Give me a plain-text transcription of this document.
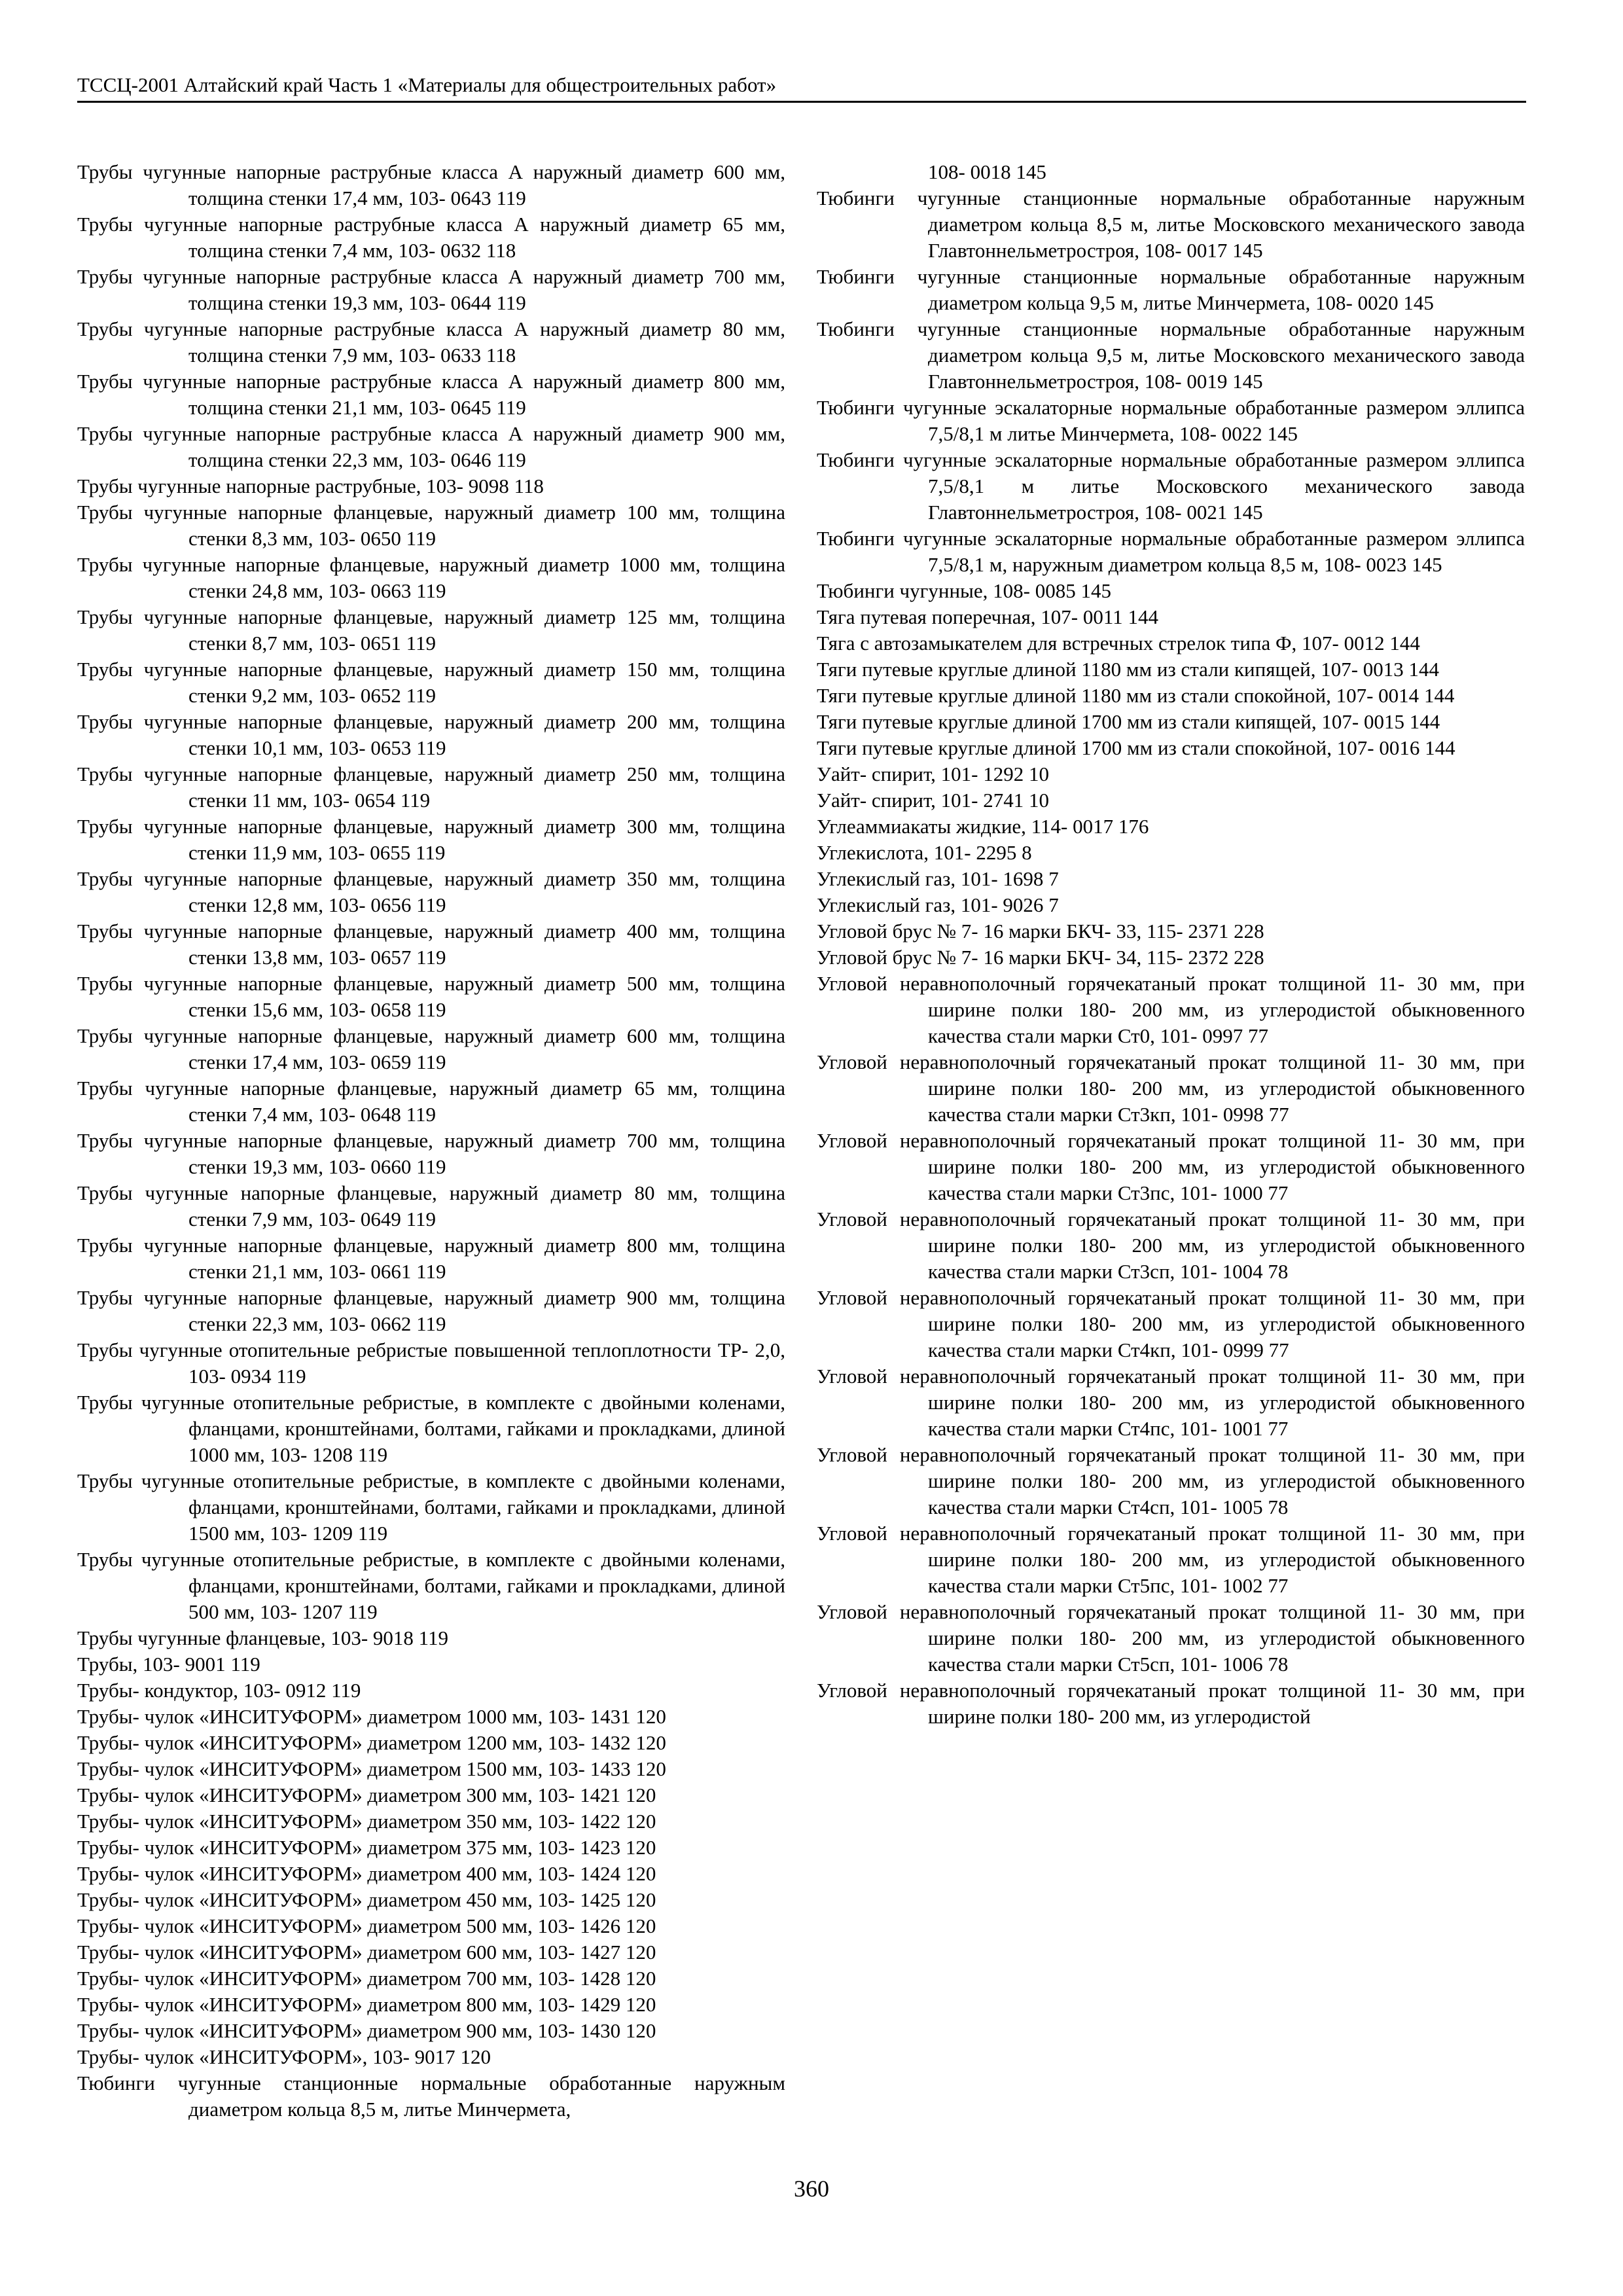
ТССЦ-2001 Алтайский край Часть 1 «Материалы для общестроительных работ»
Трубы чугунные напорные раструбные класса А наружный диаметр 600 мм, толщина стенки 17,4 мм, 103- 0643 119
Трубы чугунные напорные раструбные класса А наружный диаметр 65 мм, толщина стенки 7,4 мм, 103- 0632 118
Трубы чугунные напорные раструбные класса А наружный диаметр 700 мм, толщина стенки 19,3 мм, 103- 0644 119
Трубы чугунные напорные раструбные класса А наружный диаметр 80 мм, толщина стенки 7,9 мм, 103- 0633 118
Трубы чугунные напорные раструбные класса А наружный диаметр 800 мм, толщина стенки 21,1 мм, 103- 0645 119
Трубы чугунные напорные раструбные класса А наружный диаметр 900 мм, толщина стенки 22,3 мм, 103- 0646 119
Трубы чугунные напорные раструбные, 103- 9098 118
Трубы чугунные напорные фланцевые, наружный диаметр 100 мм, толщина стенки 8,3 мм, 103- 0650 119
Трубы чугунные напорные фланцевые, наружный диаметр 1000 мм, толщина стенки 24,8 мм, 103- 0663 119
Трубы чугунные напорные фланцевые, наружный диаметр 125 мм, толщина стенки 8,7 мм, 103- 0651 119
Трубы чугунные напорные фланцевые, наружный диаметр 150 мм, толщина стенки 9,2 мм, 103- 0652 119
Трубы чугунные напорные фланцевые, наружный диаметр 200 мм, толщина стенки 10,1 мм, 103- 0653 119
Трубы чугунные напорные фланцевые, наружный диаметр 250 мм, толщина стенки 11 мм, 103- 0654 119
Трубы чугунные напорные фланцевые, наружный диаметр 300 мм, толщина стенки 11,9 мм, 103- 0655 119
Трубы чугунные напорные фланцевые, наружный диаметр 350 мм, толщина стенки 12,8 мм, 103- 0656 119
Трубы чугунные напорные фланцевые, наружный диаметр 400 мм, толщина стенки 13,8 мм, 103- 0657 119
Трубы чугунные напорные фланцевые, наружный диаметр 500 мм, толщина стенки 15,6 мм, 103- 0658 119
Трубы чугунные напорные фланцевые, наружный диаметр 600 мм, толщина стенки 17,4 мм, 103- 0659 119
Трубы чугунные напорные фланцевые, наружный диаметр 65 мм, толщина стенки 7,4 мм, 103- 0648 119
Трубы чугунные напорные фланцевые, наружный диаметр 700 мм, толщина стенки 19,3 мм, 103- 0660 119
Трубы чугунные напорные фланцевые, наружный диаметр 80 мм, толщина стенки 7,9 мм, 103- 0649 119
Трубы чугунные напорные фланцевые, наружный диаметр 800 мм, толщина стенки 21,1 мм, 103- 0661 119
Трубы чугунные напорные фланцевые, наружный диаметр 900 мм, толщина стенки 22,3 мм, 103- 0662 119
Трубы чугунные отопительные ребристые повышенной теплоплотности ТР- 2,0, 103- 0934 119
Трубы чугунные отопительные ребристые, в комплекте с двойными коленами, фланцами, кронштейнами, болтами, гайками и прокладками, длиной 1000 мм, 103- 1208 119
Трубы чугунные отопительные ребристые, в комплекте с двойными коленами, фланцами, кронштейнами, болтами, гайками и прокладками, длиной 1500 мм, 103- 1209 119
Трубы чугунные отопительные ребристые, в комплекте с двойными коленами, фланцами, кронштейнами, болтами, гайками и прокладками, длиной 500 мм, 103- 1207 119
Трубы чугунные фланцевые, 103- 9018 119
Трубы, 103- 9001 119
Трубы- кондуктор, 103- 0912 119
Трубы- чулок «ИНСИТУФОРМ» диаметром 1000 мм, 103- 1431 120
Трубы- чулок «ИНСИТУФОРМ» диаметром 1200 мм, 103- 1432 120
Трубы- чулок «ИНСИТУФОРМ» диаметром 1500 мм, 103- 1433 120
Трубы- чулок «ИНСИТУФОРМ» диаметром 300 мм, 103- 1421 120
Трубы- чулок «ИНСИТУФОРМ» диаметром 350 мм, 103- 1422 120
Трубы- чулок «ИНСИТУФОРМ» диаметром 375 мм, 103- 1423 120
Трубы- чулок «ИНСИТУФОРМ» диаметром 400 мм, 103- 1424 120
Трубы- чулок «ИНСИТУФОРМ» диаметром 450 мм, 103- 1425 120
Трубы- чулок «ИНСИТУФОРМ» диаметром 500 мм, 103- 1426 120
Трубы- чулок «ИНСИТУФОРМ» диаметром 600 мм, 103- 1427 120
Трубы- чулок «ИНСИТУФОРМ» диаметром 700 мм, 103- 1428 120
Трубы- чулок «ИНСИТУФОРМ» диаметром 800 мм, 103- 1429 120
Трубы- чулок «ИНСИТУФОРМ» диаметром 900 мм, 103- 1430 120
Трубы- чулок «ИНСИТУФОРМ», 103- 9017 120
Тюбинги чугунные станционные нормальные обработанные наружным диаметром кольца 8,5 м, литье Минчермета,
108- 0018 145
Тюбинги чугунные станционные нормальные обработанные наружным диаметром кольца 8,5 м, литье Московского механического завода Главтоннельметростроя, 108- 0017 145
Тюбинги чугунные станционные нормальные обработанные наружным диаметром кольца 9,5 м, литье Минчермета, 108- 0020 145
Тюбинги чугунные станционные нормальные обработанные наружным диаметром кольца 9,5 м, литье Московского механического завода Главтоннельметростроя, 108- 0019 145
Тюбинги чугунные эскалаторные нормальные обработанные размером эллипса 7,5/8,1 м литье Минчермета, 108- 0022 145
Тюбинги чугунные эскалаторные нормальные обработанные размером эллипса 7,5/8,1 м литье Московского механического завода Главтоннельметростроя, 108- 0021 145
Тюбинги чугунные эскалаторные нормальные обработанные размером эллипса 7,5/8,1 м, наружным диаметром кольца 8,5 м, 108- 0023 145
Тюбинги чугунные, 108- 0085 145
Тяга путевая поперечная, 107- 0011 144
Тяга с автозамыкателем для встречных стрелок типа Ф, 107- 0012 144
Тяги путевые круглые длиной 1180 мм из стали кипящей, 107- 0013 144
Тяги путевые круглые длиной 1180 мм из стали спокойной, 107- 0014 144
Тяги путевые круглые длиной 1700 мм из стали кипящей, 107- 0015 144
Тяги путевые круглые длиной 1700 мм из стали спокойной, 107- 0016 144
Уайт- спирит, 101- 1292 10
Уайт- спирит, 101- 2741 10
Углеаммиакаты жидкие, 114- 0017 176
Углекислота, 101- 2295 8
Углекислый газ, 101- 1698 7
Углекислый газ, 101- 9026 7
Угловой брус № 7- 16 марки БКЧ- 33, 115- 2371 228
Угловой брус № 7- 16 марки БКЧ- 34, 115- 2372 228
Угловой неравнополочный горячекатаный прокат толщиной 11- 30 мм, при ширине полки 180- 200 мм, из углеродистой обыкновенного качества стали марки Ст0, 101- 0997 77
Угловой неравнополочный горячекатаный прокат толщиной 11- 30 мм, при ширине полки 180- 200 мм, из углеродистой обыкновенного качества стали марки Ст3кп, 101- 0998 77
Угловой неравнополочный горячекатаный прокат толщиной 11- 30 мм, при ширине полки 180- 200 мм, из углеродистой обыкновенного качества стали марки Ст3пс, 101- 1000 77
Угловой неравнополочный горячекатаный прокат толщиной 11- 30 мм, при ширине полки 180- 200 мм, из углеродистой обыкновенного качества стали марки Ст3сп, 101- 1004 78
Угловой неравнополочный горячекатаный прокат толщиной 11- 30 мм, при ширине полки 180- 200 мм, из углеродистой обыкновенного качества стали марки Ст4кп, 101- 0999 77
Угловой неравнополочный горячекатаный прокат толщиной 11- 30 мм, при ширине полки 180- 200 мм, из углеродистой обыкновенного качества стали марки Ст4пс, 101- 1001 77
Угловой неравнополочный горячекатаный прокат толщиной 11- 30 мм, при ширине полки 180- 200 мм, из углеродистой обыкновенного качества стали марки Ст4сп, 101- 1005 78
Угловой неравнополочный горячекатаный прокат толщиной 11- 30 мм, при ширине полки 180- 200 мм, из углеродистой обыкновенного качества стали марки Ст5пс, 101- 1002 77
Угловой неравнополочный горячекатаный прокат толщиной 11- 30 мм, при ширине полки 180- 200 мм, из углеродистой обыкновенного качества стали марки Ст5сп, 101- 1006 78
Угловой неравнополочный горячекатаный прокат толщиной 11- 30 мм, при ширине полки 180- 200 мм, из углеродистой
360
